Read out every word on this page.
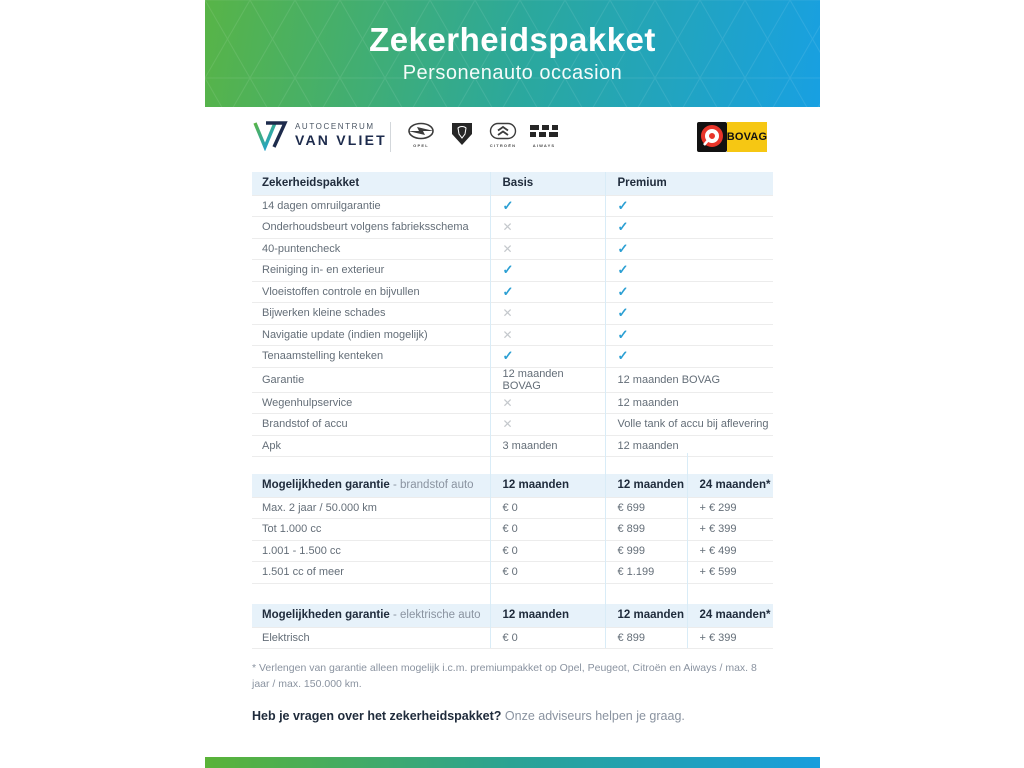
Zekerheidspakket
Personenauto occasion
AUTOCENTRUM
VAN VLIET	OPEL	CITROËN	AIWAYS
BOVAG
Zekerheidspakket	Basis	Premium
14 dagen omruilgarantie	✓	✓
Onderhoudsbeurt volgens fabrieksschema	✕	✓
40-puntencheck	✕	✓
Reiniging in- en exterieur	✓	✓
Vloeistoffen controle en bijvullen	✓	✓
Bijwerken kleine schades	✕	✓
Navigatie update (indien mogelijk)	✕	✓
Tenaamstelling kenteken	✓	✓
Garantie	12 maanden BOVAG	12 maanden BOVAG
Wegenhulpservice	✕	12 maanden
Brandstof of accu	✕	Volle tank of accu bij aflevering
Apk	3 maanden	12 maanden

Mogelijkheden garantie - brandstof auto	12 maanden	12 maanden	24 maanden*
Max. 2 jaar / 50.000 km	€ 0	€ 699	+ € 299
Tot 1.000 cc	€ 0	€ 899	+ € 399
1.001 - 1.500 cc	€ 0	€ 999	+ € 499
1.501 cc of meer	€ 0	€ 1.199	+ € 599

Mogelijkheden garantie - elektrische auto	12 maanden	12 maanden	24 maanden*
Elektrisch	€ 0	€ 899	+ € 399
* Verlengen van garantie alleen mogelijk i.c.m. premiumpakket op Opel, Peugeot, Citroën en Aiways / max. 8 jaar / max. 150.000 km.
Heb je vragen over het zekerheidspakket? Onze adviseurs helpen je graag.
